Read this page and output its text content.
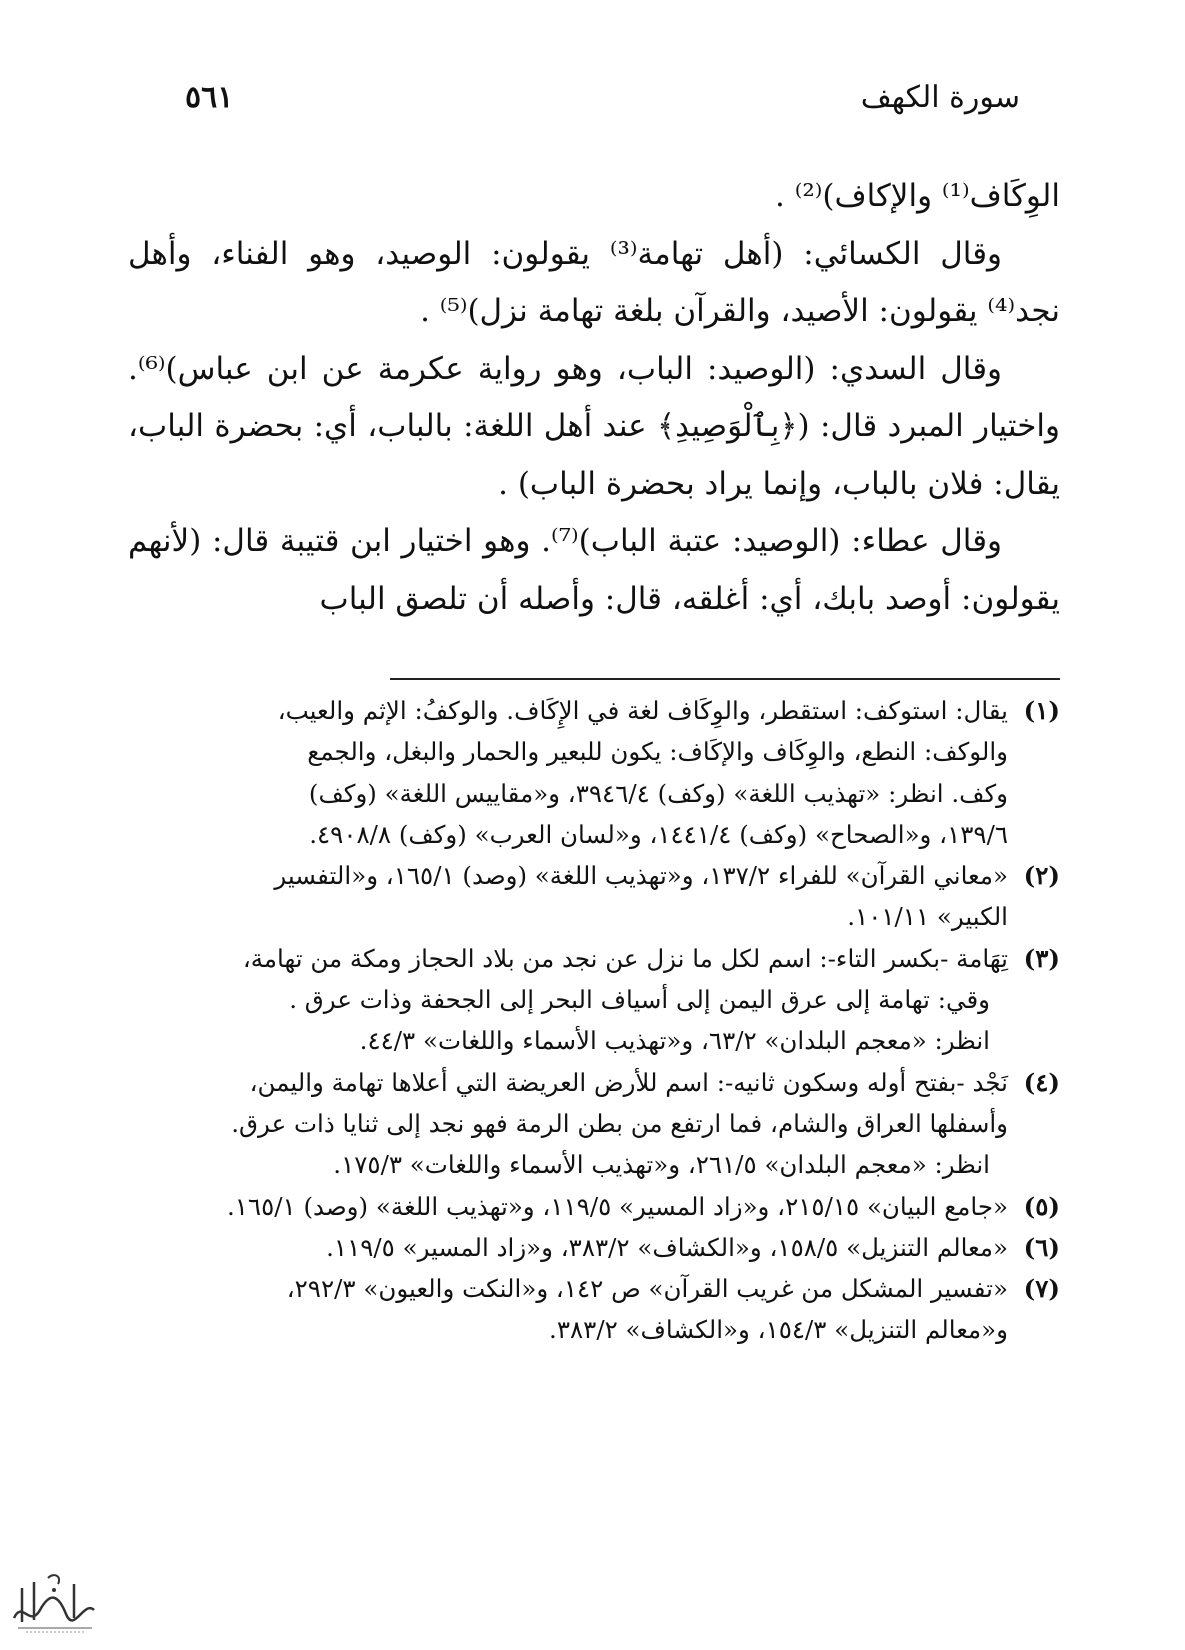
٥٦١	سورة الكهف

الوِكَاف⁽¹⁾ والإكاف)⁽²⁾ .

وقال الكسائي: (أهل تهامة⁽³⁾ يقولون: الوصيد، وهو الفناء، وأهل نجد⁽⁴⁾ يقولون: الأصيد، والقرآن بلغة تهامة نزل)⁽⁵⁾ .

وقال السدي: (الوصيد: الباب، وهو رواية عكرمة عن ابن عباس)⁽⁶⁾. واختيار المبرد قال: (﴿بِٱلْوَصِيدِ﴾ عند أهل اللغة: بالباب، أي: بحضرة الباب، يقال: فلان بالباب، وإنما يراد بحضرة الباب) .

وقال عطاء: (الوصيد: عتبة الباب)⁽⁷⁾. وهو اختيار ابن قتيبة قال: (لأنهم يقولون: أوصد بابك، أي: أغلقه، قال: وأصله أن تلصق الباب

(١)
يقال: استوكف: استقطر، والوِكَاف لغة في الإِكَاف. والوكفُ: الإثم والعيب،
والوكف: النطع، والوِكَاف والإكَاف: يكون للبعير والحمار والبغل، والجمع
وكف. انظر: «تهذيب اللغة» (وكف) ٣٩٤٦/٤، و«مقاييس اللغة» (وكف)
١٣٩/٦، و«الصحاح» (وكف) ١٤٤١/٤، و«لسان العرب» (وكف) ٤٩٠٨/٨.
(٢)
«معاني القرآن» للفراء ١٣٧/٢، و«تهذيب اللغة» (وصد) ١٦٥/١، و«التفسير
الكبير» ١٠١/١١.
(٣)
تِهَامة -بكسر التاء-: اسم لكل ما نزل عن نجد من بلاد الحجاز ومكة من تهامة،
وقي: تهامة إلى عرق اليمن إلى أسياف البحر إلى الجحفة وذات عرق .
انظر: «معجم البلدان» ٦٣/٢، و«تهذيب الأسماء واللغات» ٤٤/٣.
(٤)
نَجْد -بفتح أوله وسكون ثانيه-: اسم للأرض العريضة التي أعلاها تهامة واليمن،
وأسفلها العراق والشام، فما ارتفع من بطن الرمة فهو نجد إلى ثنايا ذات عرق.
انظر: «معجم البلدان» ٢٦١/٥، و«تهذيب الأسماء واللغات» ١٧٥/٣.
(٥)
«جامع البيان» ٢١٥/١٥، و«زاد المسير» ١١٩/٥، و«تهذيب اللغة» (وصد) ١٦٥/١.
(٦)
«معالم التنزيل» ١٥٨/٥، و«الكشاف» ٣٨٣/٢، و«زاد المسير» ١١٩/٥.
(٧)
«تفسير المشكل من غريب القرآن» ص ١٤٢، و«النكت والعيون» ٢٩٢/٣،
و«معالم التنزيل» ١٥٤/٣، و«الكشاف» ٣٨٣/٢.
